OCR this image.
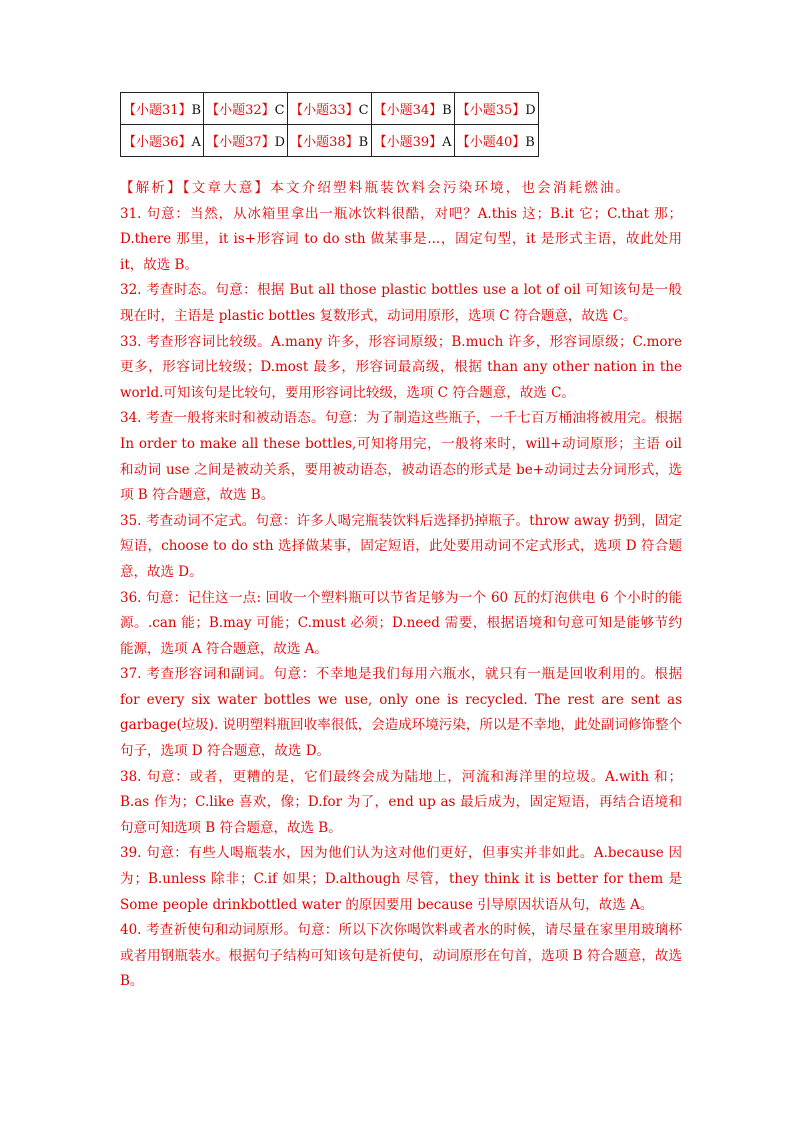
【小题31】B	【小题32】C	【小题33】C	【小题34】B	【小题35】D
【小题36】A	【小题37】D	【小题38】B	【小题39】A	【小题40】B

【解析】【文章大意】本文介绍塑料瓶装饮料会污染环境，也会消耗燃油。

31. 句意：当然，从冰箱里拿出一瓶冰饮料很酷，对吧？A.this 这；B.it 它；C.that 那；D.there 那里，it is+形容词 to do sth 做某事是...，固定句型，it 是形式主语，故此处用 it，故选 B。

32. 考查时态。句意：根据 But all those plastic bottles use a lot of oil 可知该句是一般现在时，主语是 plastic bottles 复数形式，动词用原形，选项 C 符合题意，故选 C。

33. 考查形容词比较级。A.many 许多，形容词原级；B.much 许多，形容词原级；C.more 更多，形容词比较级；D.most 最多，形容词最高级，根据 than any other nation in the world.可知该句是比较句，要用形容词比较级，选项 C 符合题意，故选 C。

34. 考查一般将来时和被动语态。句意：为了制造这些瓶子，一千七百万桶油将被用完。根据 In order to make all these bottles,可知将用完，一般将来时，will+动词原形；主语 oil 和动词 use 之间是被动关系，要用被动语态，被动语态的形式是 be+动词过去分词形式，选项 B 符合题意，故选 B。

35. 考查动词不定式。句意：许多人喝完瓶装饮料后选择扔掉瓶子。throw away 扔到，固定短语，choose to do sth 选择做某事，固定短语，此处要用动词不定式形式，选项 D 符合题意，故选 D。

36. 句意：记住这一点: 回收一个塑料瓶可以节省足够为一个 60 瓦的灯泡供电 6 个小时的能源。.can 能；B.may 可能；C.must 必须；D.need 需要，根据语境和句意可知是能够节约能源，选项 A 符合题意，故选 A。

37. 考查形容词和副词。句意：不幸地是我们每用六瓶水，就只有一瓶是回收利用的。根据 for every six water bottles we use, only one is recycled. The rest are sent as garbage(垃圾). 说明塑料瓶回收率很低，会造成环境污染，所以是不幸地，此处副词修饰整个句子，选项 D 符合题意，故选 D。

38. 句意：或者，更糟的是，它们最终会成为陆地上，河流和海洋里的垃圾。A.with 和；B.as 作为；C.like 喜欢，像；D.for 为了，end up as 最后成为，固定短语，再结合语境和句意可知选项 B 符合题意，故选 B。

39. 句意：有些人喝瓶装水，因为他们认为这对他们更好，但事实并非如此。A.because 因为；B.unless 除非；C.if 如果；D.although 尽管，they think it is better for them 是 Some people drinkbottled water 的原因要用 because 引导原因状语从句，故选 A。

40. 考查祈使句和动词原形。句意：所以下次你喝饮料或者水的时候，请尽量在家里用玻璃杯或者用钢瓶装水。根据句子结构可知该句是祈使句，动词原形在句首，选项 B 符合题意，故选 B。
